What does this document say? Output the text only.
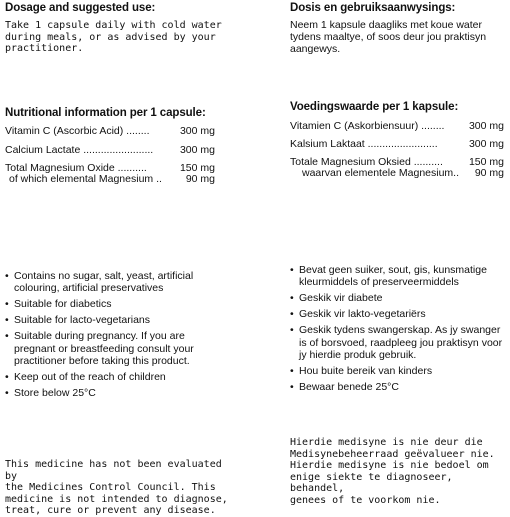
Dosage and suggested use:
Take 1 capsule daily with cold water
during meals, or as advised by your
practitioner.
Nutritional information per 1 capsule:
Vitamin C (Ascorbic Acid) ........	300 mg
Calcium Lactate ........................	300 mg
Total Magnesium Oxide ..........	150 mg
of which elemental Magnesium .. 90 mg
• Contains no sugar, salt, yeast, artificial colouring, artificial preservatives
• Suitable for diabetics
• Suitable for lacto-vegetarians
• Suitable during pregnancy. If you are pregnant or breastfeeding consult your practitioner before taking this product.
• Keep out of the reach of children
• Store below 25°C
This medicine has not been evaluated by
the Medicines Control Council. This
medicine is not intended to diagnose,
treat, cure or prevent any disease.
Dosis en gebruiksaanwysings:
Neem 1 kapsule daagliks met koue water
tydens maaltye, of soos deur jou praktisyn
aangewys.
Voedingswaarde per 1 kapsule:
Vitamien C (Askorbiensuur) ........ 300 mg
Kalsium Laktaat ........................	300 mg
Totale Magnesium Oksied .......... 150 mg
waarvan elementele Magnesium.. 90 mg
• Bevat geen suiker, sout, gis, kunsmatige kleurmiddels of preserveermiddels
• Geskik vir diabete
• Geskik vir lakto-vegetariërs
• Geskik tydens swangerskap. As jy swanger is of borsvoed, raadpleeg jou praktisyn voor jy hierdie produk gebruik.
• Hou buite bereik van kinders
• Bewaar benede 25°C
Hierdie medisyne is nie deur die
Medisynebeheerraad geëvalueer nie.
Hierdie medisyne is nie bedoel om
enige siekte te diagnoseer, behandel,
genees of te voorkom nie.
